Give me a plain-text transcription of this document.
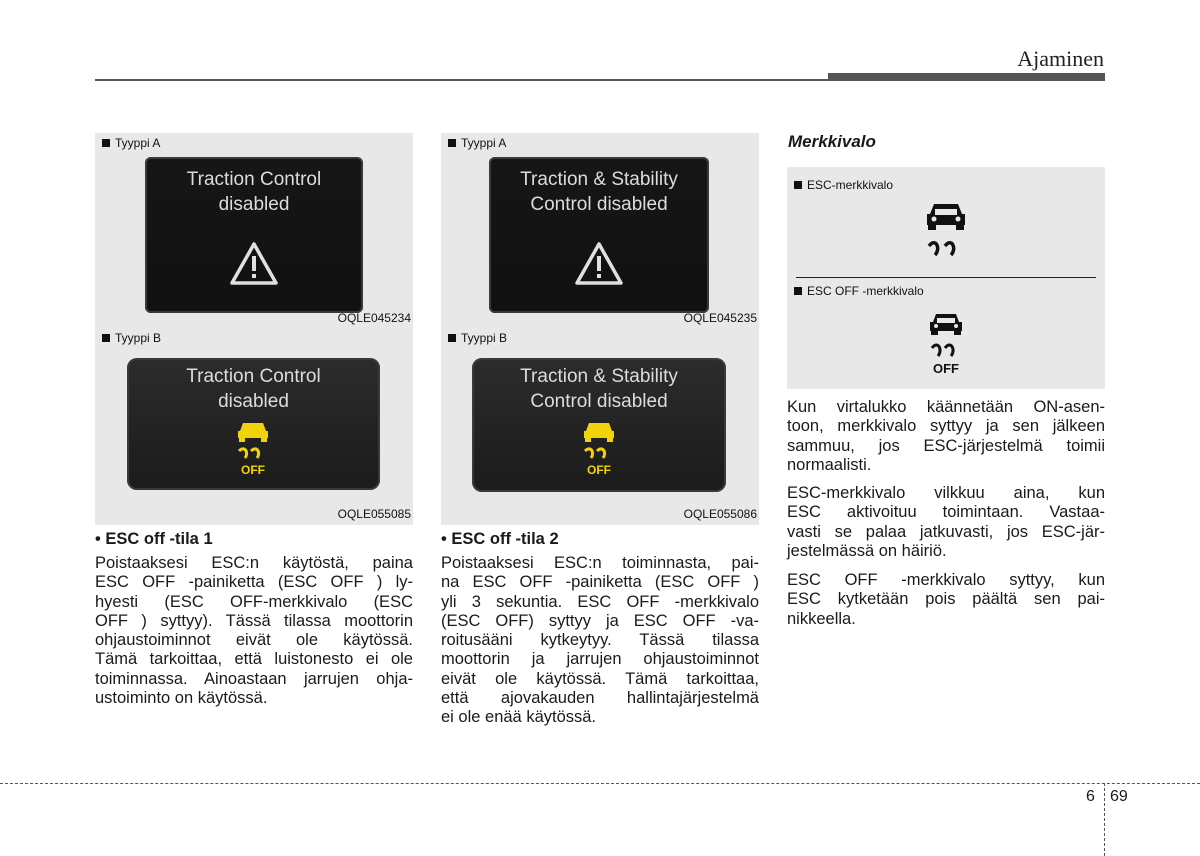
Ajaminen
Tyyppi A
Traction Control
disabled
OQLE045234
Tyyppi B
Traction Control
disabled
OFF
OQLE055085
Tyyppi A
Traction & Stability
Control disabled
OQLE045235
Tyyppi B
Traction & Stability
Control disabled
OFF
OQLE055086
Merkkivalo
ESC-merkkivalo
ESC OFF -merkkivalo
OFF
• ESC off -tila 1
Poistaaksesi ESC:n käytöstä, paina
ESC OFF -painiketta (ESC OFF ) ly-
hyesti (ESC OFF-merkkivalo (ESC
OFF ) syttyy). Tässä tilassa moottorin
ohjaustoiminnot eivät ole käytössä.
Tämä tarkoittaa, että luistonesto ei ole
toiminnassa. Ainoastaan jarrujen ohja-
ustoiminto on käytössä.
• ESC off -tila 2
Poistaaksesi ESC:n toiminnasta, pai-
na ESC OFF -painiketta (ESC OFF )
yli 3 sekuntia. ESC OFF -merkkivalo
(ESC OFF) syttyy ja ESC OFF -va-
roitusääni kytkeytyy. Tässä tilassa
moottorin ja jarrujen ohjaustoiminnot
eivät ole käytössä. Tämä tarkoittaa,
että ajovakauden hallintajärjestelmä
ei ole enää käytössä.
Kun virtalukko käännetään ON-asen-
toon, merkkivalo syttyy ja sen jälkeen
sammuu, jos ESC-järjestelmä toimii
normaalisti.
ESC-merkkivalo vilkkuu aina, kun
ESC aktivoituu toimintaan. Vastaa-
vasti se palaa jatkuvasti, jos ESC-jär-
jestelmässä on häiriö.
ESC OFF -merkkivalo syttyy, kun
ESC kytketään pois päältä sen pai-
nikkeella.
6 69
